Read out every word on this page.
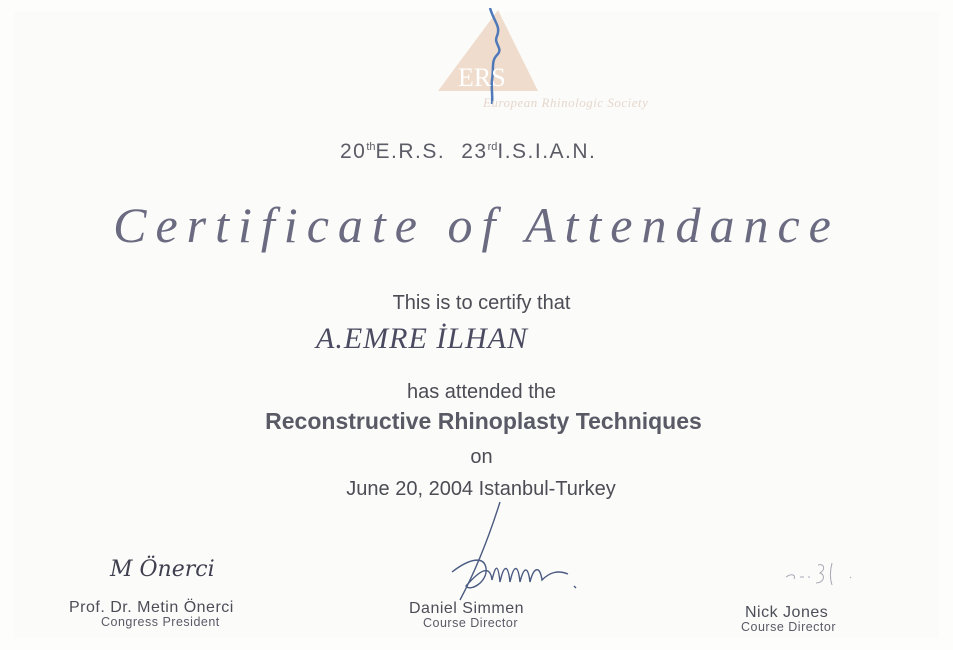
ERS
European Rhinologic Society
20thE.R.S. 23rdI.S.I.A.N.
Certificate of Attendance
This is to certify that
A.EMRE İLHAN
has attended the
Reconstructive Rhinoplasty Techniques
on
June 20, 2004 Istanbul-Turkey
M Önerci
Prof. Dr. Metin Önerci
Congress President
Daniel Simmen
Course Director
Nick Jones
Course Director
